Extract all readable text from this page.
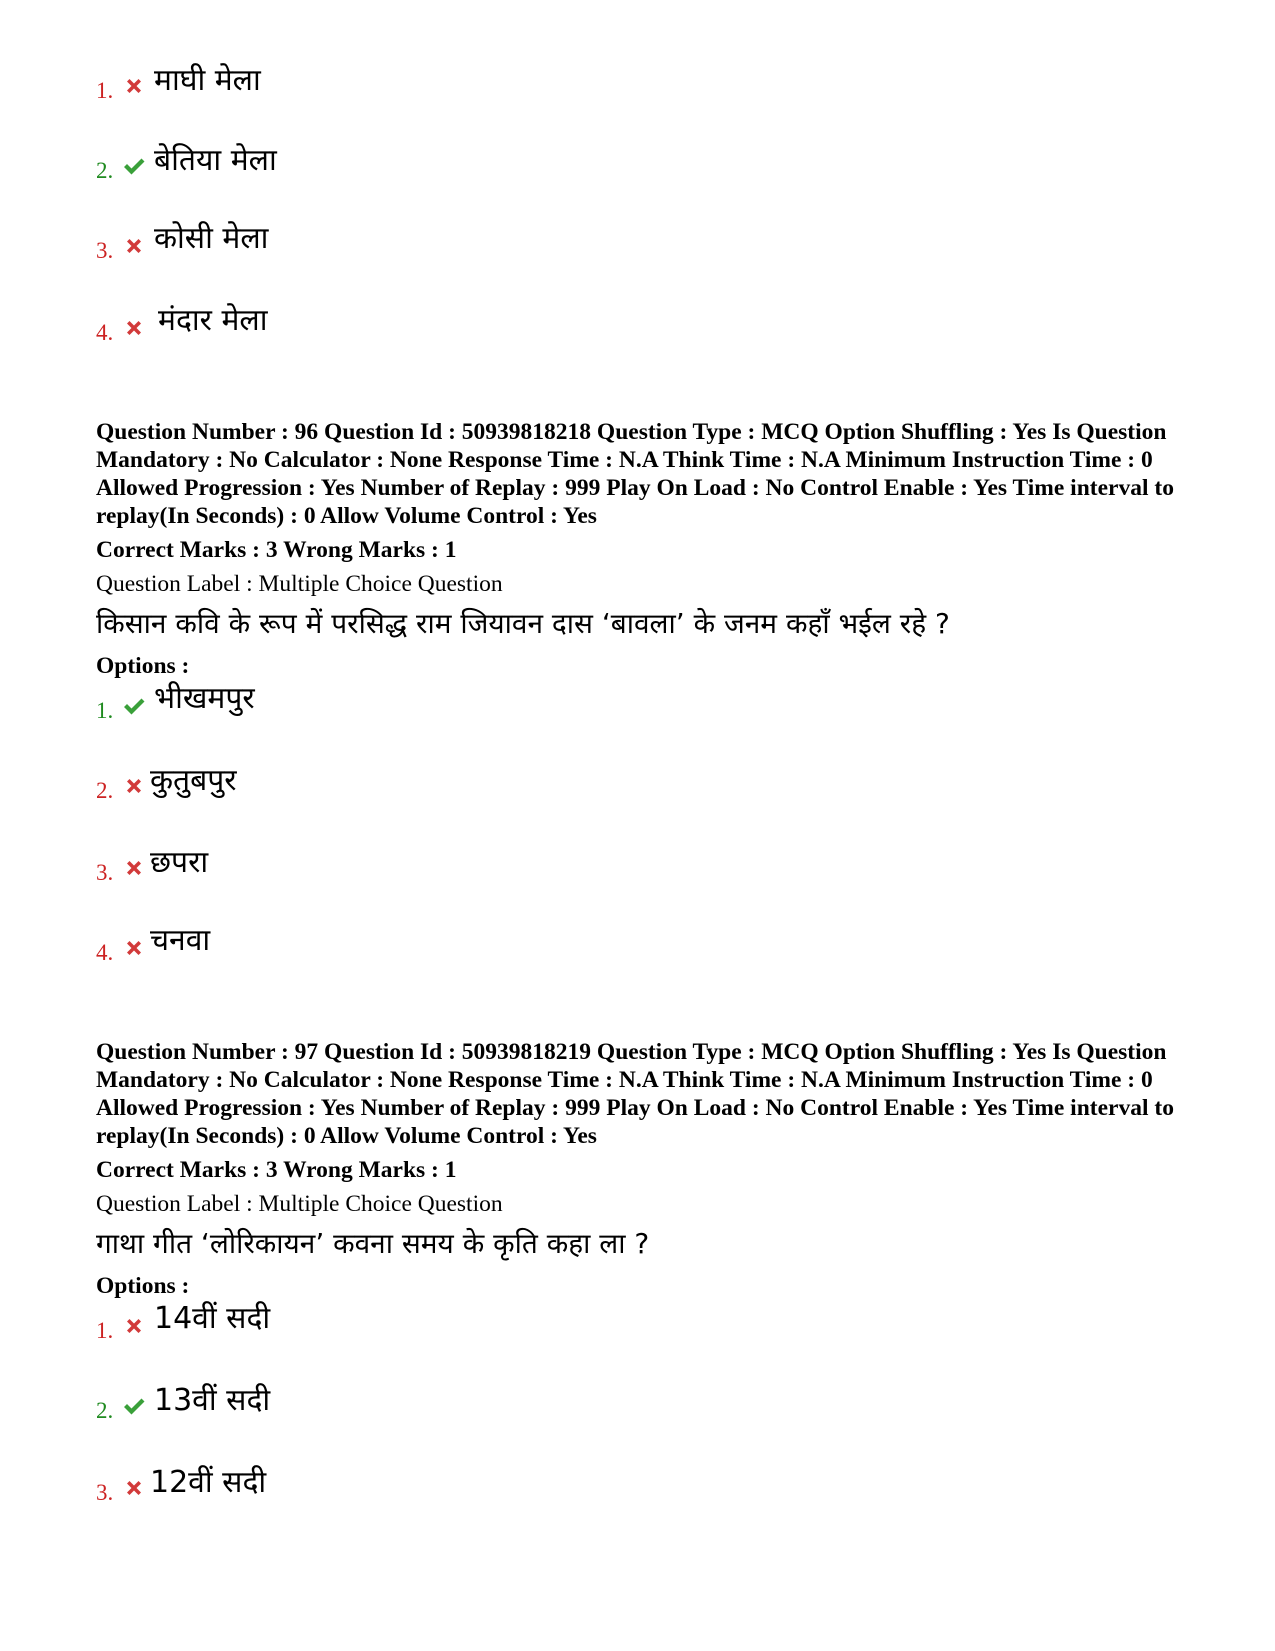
1. माघी मेला
2. बेतिया मेला
3. कोसी मेला
4. मंदार मेला

Question Number : 96 Question Id : 50939818218 Question Type : MCQ Option Shuffling : Yes Is Question Mandatory : No Calculator : None Response Time : N.A Think Time : N.A Minimum Instruction Time : 0 Allowed Progression : Yes Number of Replay : 999 Play On Load : No Control Enable : Yes Time interval to replay(In Seconds) : 0 Allow Volume Control : Yes

Correct Marks : 3 Wrong Marks : 1

Question Label : Multiple Choice Question

किसान कवि के रूप में परसिद्ध राम जियावन दास ‘बावला’ के जनम कहाँ भईल रहे ?

Options :

1. भीखमपुर
2. कुतुबपुर
3. छपरा
4. चनवा

Question Number : 97 Question Id : 50939818219 Question Type : MCQ Option Shuffling : Yes Is Question Mandatory : No Calculator : None Response Time : N.A Think Time : N.A Minimum Instruction Time : 0 Allowed Progression : Yes Number of Replay : 999 Play On Load : No Control Enable : Yes Time interval to replay(In Seconds) : 0 Allow Volume Control : Yes

Correct Marks : 3 Wrong Marks : 1

Question Label : Multiple Choice Question

गाथा गीत ‘लोरिकायन’ कवना समय के कृति कहा ला ?

Options :

1. 14वीं सदी
2. 13वीं सदी
3. 12वीं सदी
